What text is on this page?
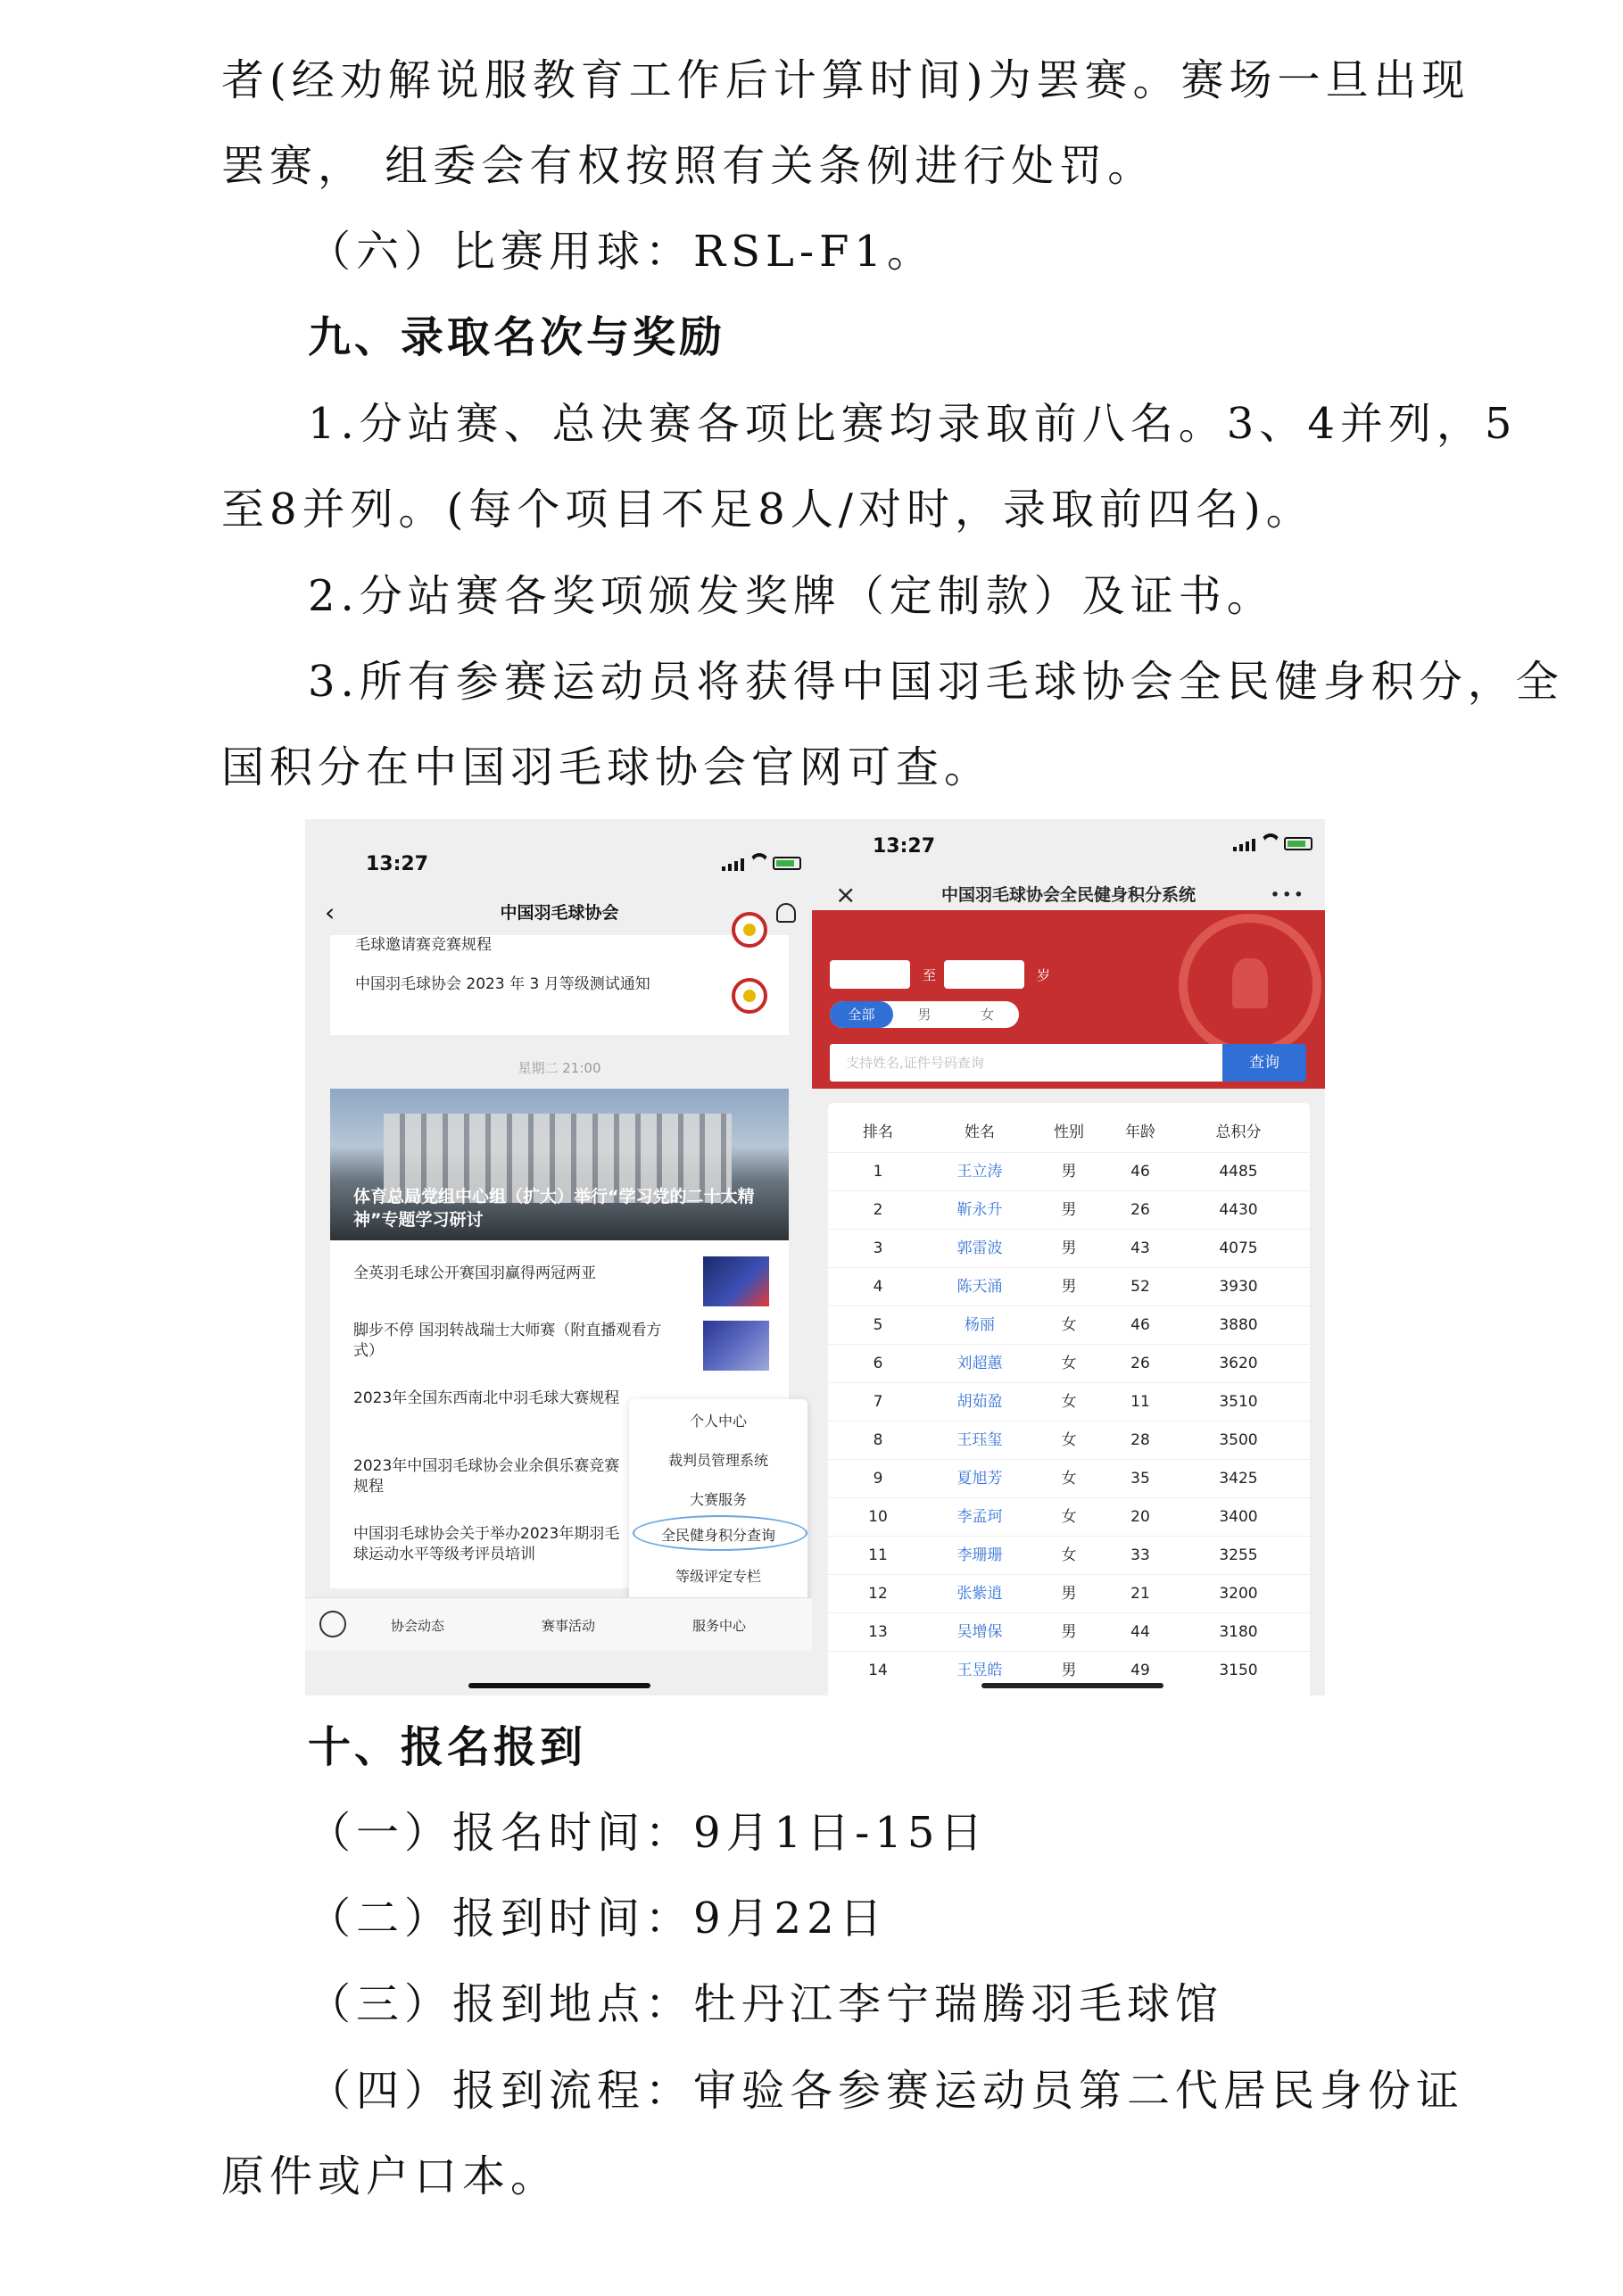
者(经劝解说服教育工作后计算时间)为罢赛。赛场一旦出现
罢赛， 组委会有权按照有关条例进行处罚。
（六）比赛用球：RSL-F1。
九、录取名次与奖励
1.分站赛、总决赛各项比赛均录取前八名。3、4并列，5
至8并列。(每个项目不足8人/对时，录取前四名)。
2.分站赛各奖项颁发奖牌（定制款）及证书。
3.所有参赛运动员将获得中国羽毛球协会全民健身积分，全
国积分在中国羽毛球协会官网可查。
13:27
‹	中国羽毛球协会
毛球邀请赛竞赛规程
中国羽毛球协会 2023 年 3 月等级测试通知
星期二 21:00
体育总局党组中心组（扩大）举行“学习党的二十大精神”专题学习研讨
全英羽毛球公开赛国羽赢得两冠两亚
脚步不停 国羽转战瑞士大师赛（附直播观看方式）
2023年全国东西南北中羽毛球大赛规程
2023年中国羽毛球协会业余俱乐赛竞赛规程
中国羽毛球协会关于举办2023年期羽毛球运动水平等级考评员培训
个人中心
裁判员管理系统
大赛服务
全民健身积分查询
等级评定专栏
协会动态	赛事活动	服务中心
13:27
×	中国羽毛球协会全民健身积分系统	•••
至	岁
全部	男	女
支持姓名,证件号码查询	查询
排名	姓名	性别	年龄	总积分
1	王立涛	男	46	4485
2	靳永升	男	26	4430
3	郭雷波	男	43	4075
4	陈天涌	男	52	3930
5	杨丽	女	46	3880
6	刘超蕙	女	26	3620
7	胡茹盈	女	11	3510
8	王珏玺	女	28	3500
9	夏旭芳	女	35	3425
10	李孟珂	女	20	3400
11	李珊珊	女	33	3255
12	张紫逍	男	21	3200
13	吴增保	男	44	3180
14	王昱皓	男	49	3150
十、报名报到
（一）报名时间：9月1日-15日
（二）报到时间：9月22日
（三）报到地点：牡丹江李宁瑞腾羽毛球馆
（四）报到流程：审验各参赛运动员第二代居民身份证
原件或户口本。
